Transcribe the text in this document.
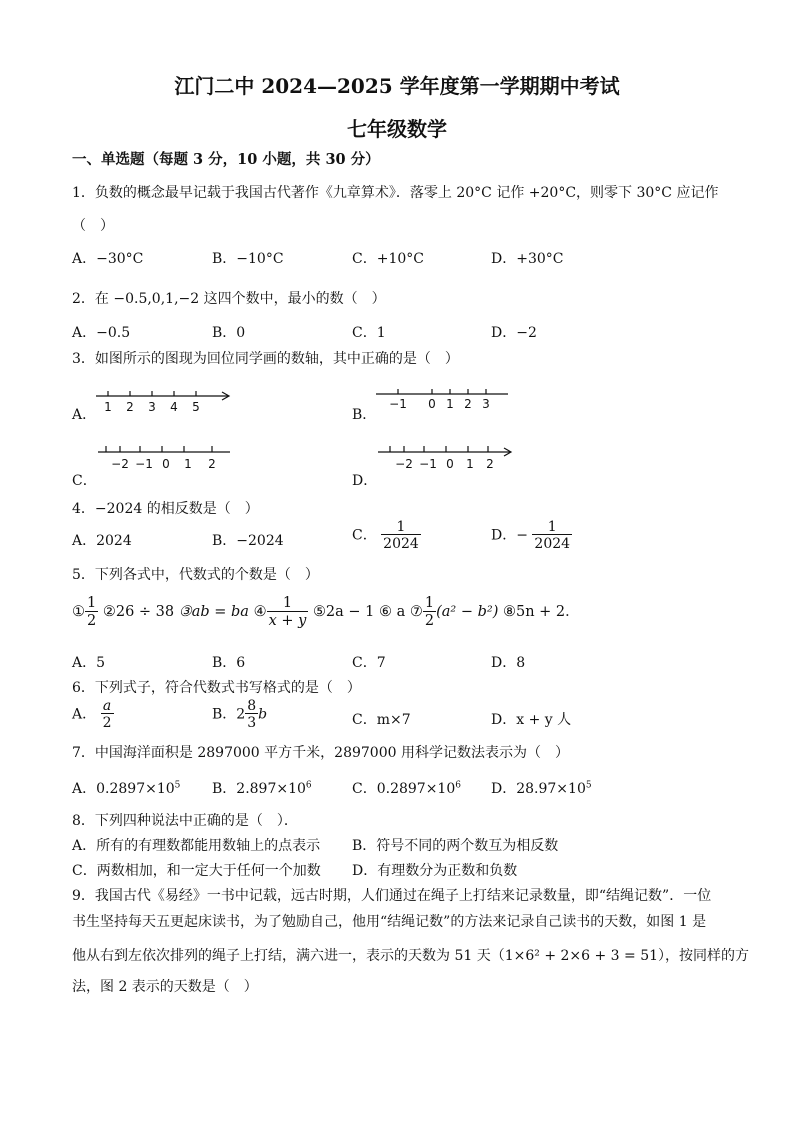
江门二中 2024—2025 学年度第一学期期中考试
七年级数学
一、单选题（每题 3 分，10 小题，共 30 分）
1．负数的概念最早记载于我国古代著作《九章算术》．落零上 20°C 记作 +20°C，则零下 30°C 应记作
（　）
A．−30°C	B．−10°C	C．+10°C	D．+30°C
2．在 −0.5,0,1,−2 这四个数中，最小的数（　）
A．−0.5	B．0	C．1	D．−2
3．如图所示的图现为回位同学画的数轴，其中正确的是（　）
A． 1 2 3 4 5	B．
−1 0 1 2 3
C．
−2 −1 0 1 2
D．
−2 −1 0 1 2
4．−2024 的相反数是（　）
A．2024	B．−2024	C． $\frac{1}{2024}$	D．− $\frac{1}{2024}$
5．下列各式中，代数式的个数是（　）
① $\frac{1}{2}$ ②26 ÷ 38 ③ab = ba ④ $\frac{1}{x + y}$ ⑤2a − 1 ⑥ a ⑦ $\frac{1}{2} (a^2 - b^2)$ ⑧5n + 2．
A．5	B．6	C．7	D．8
6．下列式子，符合代数式书写格式的是（　）
A． $\frac{a}{2}$	B．$2 \frac{8}{3}$ b	C．m×7	D．x + y 人
7．中国海洋面积是 2897000 平方千米，2897000 用科学记数法表示为（　）
A．$0.2897\times 10^5$ B．$2.897\times 10^6$	C．$0.2897\times 10^6$ D．$28.97\times 10^5$
8．下列四种说法中正确的是（　）．
A．所有的有理数都能用数轴上的点表示 B．符号不同的两个数互为相反数
C．两数相加，和一定大于任何一个加数 D．有理数分为正数和负数
9．我国古代《易经》一书中记载，远古时期，人们通过在绳子上打结来记录数量，即“结绳记数”．一位
书生坚持每天五更起床读书，为了勉励自己，他用“结绳记数”的方法来记录自己读书的天数，如图 1 是
他从右到左依次排列的绳子上打结，满六进一，表示的天数为 51 天（1×6² + 2×6 + 3 = 51），按同样的方
法，图 2 表示的天数是（　）
